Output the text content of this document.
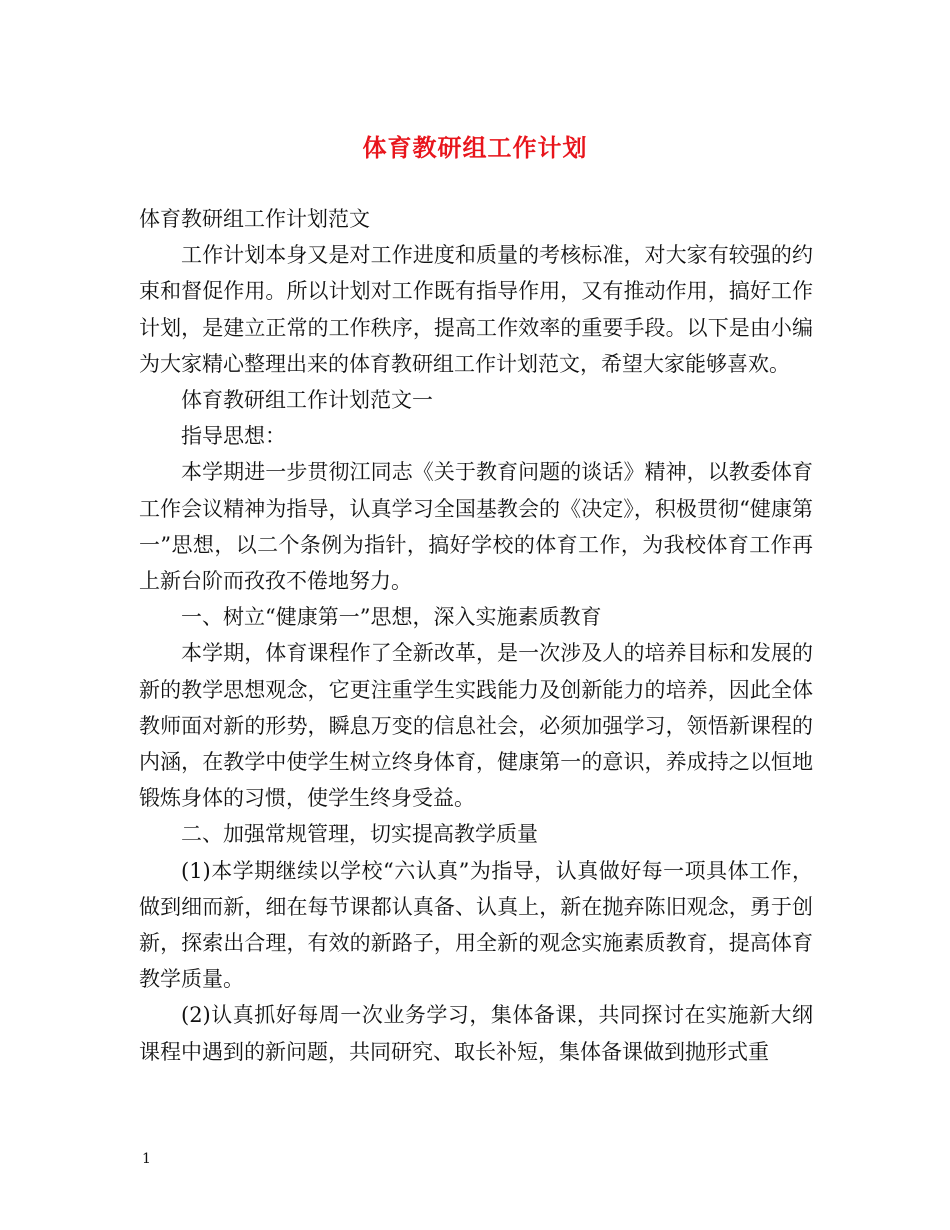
体育教研组工作计划

体育教研组工作计划范文

工作计划本身又是对工作进度和质量的考核标准，对大家有较强的约束和督促作用。所以计划对工作既有指导作用，又有推动作用，搞好工作计划，是建立正常的工作秩序，提高工作效率的重要手段。以下是由小编为大家精心整理出来的体育教研组工作计划范文，希望大家能够喜欢。

体育教研组工作计划范文一

指导思想：

本学期进一步贯彻江同志《关于教育问题的谈话》精神，以教委体育工作会议精神为指导，认真学习全国基教会的《决定》，积极贯彻“健康第一”思想，以二个条例为指针，搞好学校的体育工作，为我校体育工作再上新台阶而孜孜不倦地努力。

一、树立“健康第一”思想，深入实施素质教育

本学期，体育课程作了全新改革，是一次涉及人的培养目标和发展的新的教学思想观念，它更注重学生实践能力及创新能力的培养，因此全体教师面对新的形势，瞬息万变的信息社会，必须加强学习，领悟新课程的内涵，在教学中使学生树立终身体育，健康第一的意识，养成持之以恒地锻炼身体的习惯，使学生终身受益。

二、加强常规管理，切实提高教学质量

(1)本学期继续以学校“六认真”为指导，认真做好每一项具体工作，做到细而新，细在每节课都认真备、认真上，新在抛弃陈旧观念，勇于创新，探索出合理，有效的新路子，用全新的观念实施素质教育，提高体育教学质量。

(2)认真抓好每周一次业务学习，集体备课，共同探讨在实施新大纲课程中遇到的新问题，共同研究、取长补短，集体备课做到抛形式重

1
